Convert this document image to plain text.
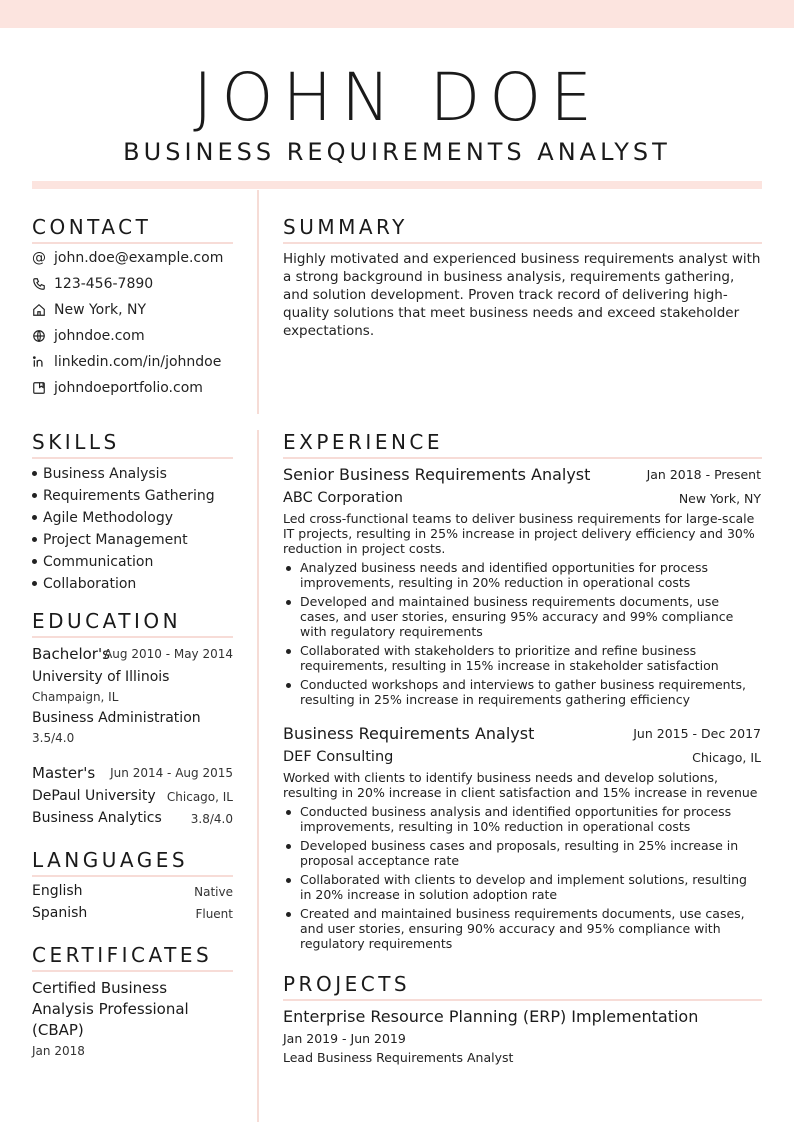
JOHN DOE
BUSINESS REQUIREMENTS ANALYST
CONTACT
@ john.doe@example.com
123-456-7890
New York, NY
johndoe.com
linkedin.com/in/johndoe
johndoeportfolio.com
SUMMARY
Highly motivated and experienced business requirements analyst with a strong background in business analysis, requirements gathering, and solution development. Proven track record of delivering high-quality solutions that meet business needs and exceed stakeholder expectations.
SKILLS
Business Analysis
Requirements Gathering
Agile Methodology
Project Management
Communication
Collaboration
EDUCATION
Bachelor's
Aug 2010 - May 2014
University of Illinois
Champaign, IL
Business Administration
3.5/4.0
Master's Jun 2014 - Aug 2015
DePaul University Chicago, IL
Business Analytics 3.8/4.0
LANGUAGES
English	Native
Spanish	Fluent
CERTIFICATES
Certified Business
Analysis Professional
(CBAP)
Jan 2018
EXPERIENCE
Senior Business Requirements Analyst	Jan 2018 - Present
ABC Corporation	New York, NY
Led cross-functional teams to deliver business requirements for large-scale IT projects, resulting in 25% increase in project delivery efficiency and 30% reduction in project costs.
Analyzed business needs and identified opportunities for process improvements, resulting in 20% reduction in operational costs
Developed and maintained business requirements documents, use cases, and user stories, ensuring 95% accuracy and 99% compliance with regulatory requirements
Collaborated with stakeholders to prioritize and refine business requirements, resulting in 15% increase in stakeholder satisfaction
Conducted workshops and interviews to gather business requirements, resulting in 25% increase in requirements gathering efficiency
Business Requirements Analyst	Jun 2015 - Dec 2017
DEF Consulting	Chicago, IL
Worked with clients to identify business needs and develop solutions, resulting in 20% increase in client satisfaction and 15% increase in revenue
Conducted business analysis and identified opportunities for process improvements, resulting in 10% reduction in operational costs
Developed business cases and proposals, resulting in 25% increase in proposal acceptance rate
Collaborated with clients to develop and implement solutions, resulting in 20% increase in solution adoption rate
Created and maintained business requirements documents, use cases, and user stories, ensuring 90% accuracy and 95% compliance with regulatory requirements
PROJECTS
Enterprise Resource Planning (ERP) Implementation
Jan 2019 - Jun 2019
Lead Business Requirements Analyst
